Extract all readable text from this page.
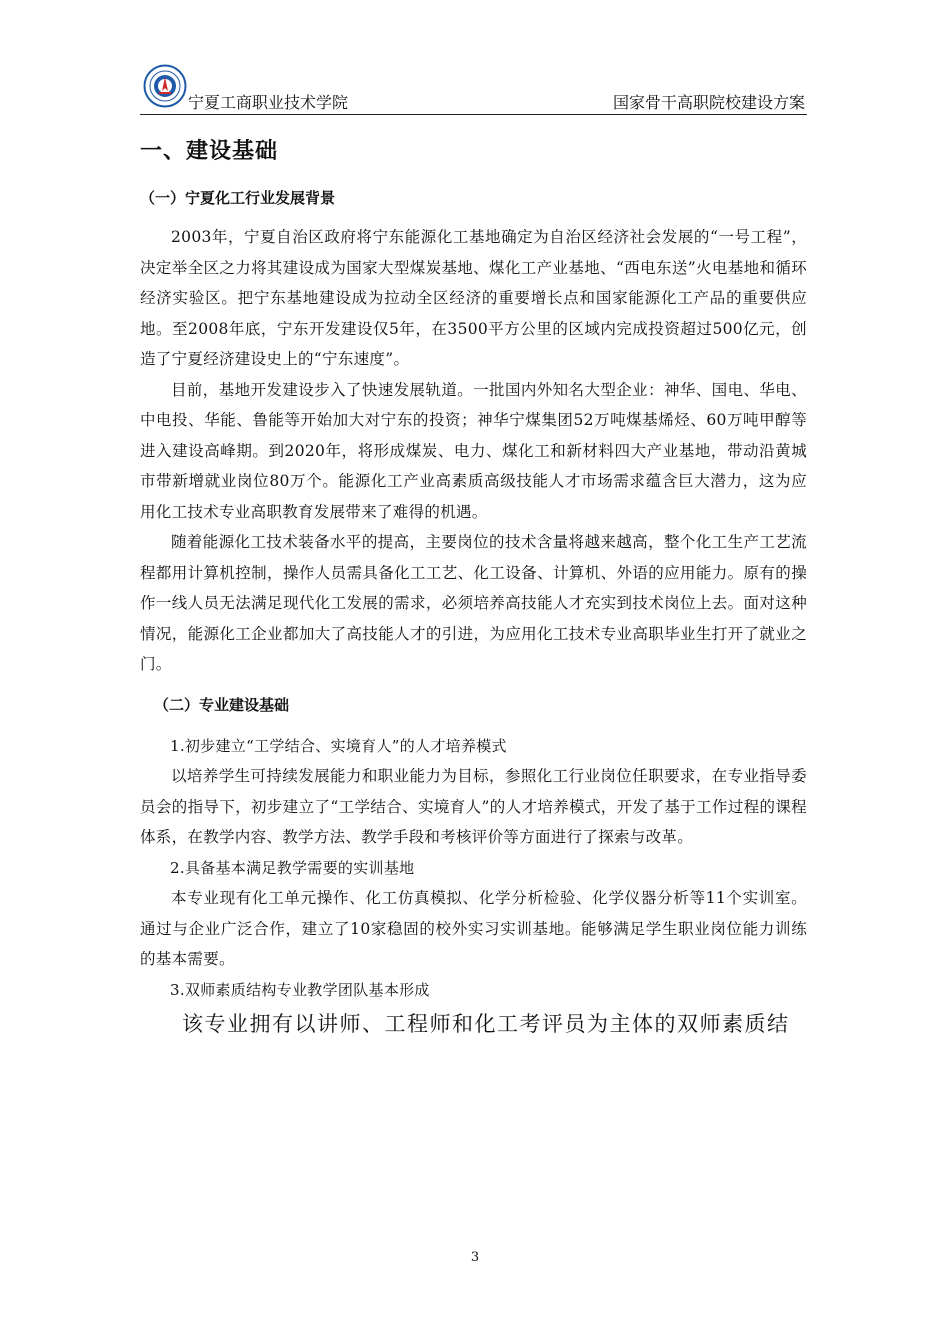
宁夏工商职业技术学院	国家骨干高职院校建设方案
一、建设基础
（一）宁夏化工行业发展背景

2003年，宁夏自治区政府将宁东能源化工基地确定为自治区经济社会发展的“一号工程”，决定举全区之力将其建设成为国家大型煤炭基地、煤化工产业基地、“西电东送”火电基地和循环经济实验区。把宁东基地建设成为拉动全区经济的重要增长点和国家能源化工产品的重要供应地。至2008年底，宁东开发建设仅5年，在3500平方公里的区域内完成投资超过500亿元，创造了宁夏经济建设史上的“宁东速度”。

目前，基地开发建设步入了快速发展轨道。一批国内外知名大型企业：神华、国电、华电、中电投、华能、鲁能等开始加大对宁东的投资；神华宁煤集团52万吨煤基烯烃、60万吨甲醇等进入建设高峰期。到2020年，将形成煤炭、电力、煤化工和新材料四大产业基地，带动沿黄城市带新增就业岗位80万个。能源化工产业高素质高级技能人才市场需求蕴含巨大潜力，这为应用化工技术专业高职教育发展带来了难得的机遇。

随着能源化工技术装备水平的提高，主要岗位的技术含量将越来越高，整个化工生产工艺流程都用计算机控制，操作人员需具备化工工艺、化工设备、计算机、外语的应用能力。原有的操作一线人员无法满足现代化工发展的需求，必须培养高技能人才充实到技术岗位上去。面对这种情况，能源化工企业都加大了高技能人才的引进，为应用化工技术专业高职毕业生打开了就业之门。

（二）专业建设基础

1.初步建立“工学结合、实境育人”的人才培养模式

以培养学生可持续发展能力和职业能力为目标，参照化工行业岗位任职要求，在专业指导委员会的指导下，初步建立了“工学结合、实境育人”的人才培养模式，开发了基于工作过程的课程体系，在教学内容、教学方法、教学手段和考核评价等方面进行了探索与改革。

2.具备基本满足教学需要的实训基地

本专业现有化工单元操作、化工仿真模拟、化学分析检验、化学仪器分析等11个实训室。通过与企业广泛合作，建立了10家稳固的校外实习实训基地。能够满足学生职业岗位能力训练的基本需要。

3.双师素质结构专业教学团队基本形成

该专业拥有以讲师、工程师和化工考评员为主体的双师素质结

3
